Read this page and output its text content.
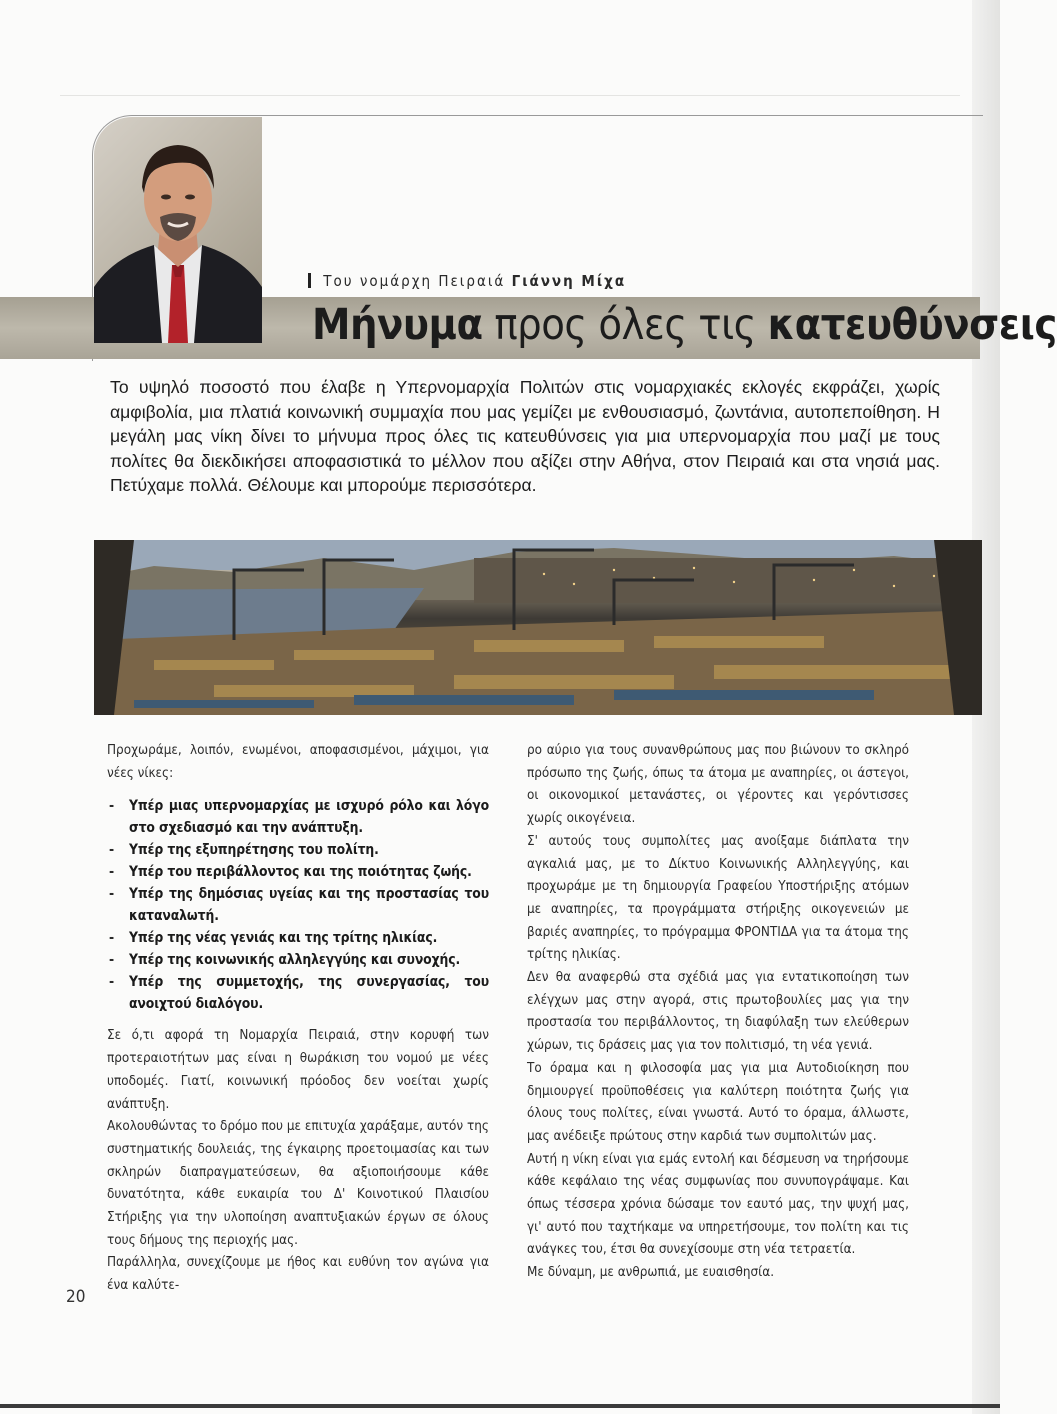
Του νομάρχη Πειραιά Γιάννη Μίχα
Μήνυμα προς όλες τις κατευθύνσεις
Το υψηλό ποσοστό που έλαβε η Υπερνομαρχία Πολιτών στις νομαρχιακές εκλογές εκφράζει, χωρίς αμφιβολία, μια πλατιά κοινωνική συμμαχία που μας γεμίζει με ενθουσιασμό, ζωντάνια, αυτοπεποίθηση. Η μεγάλη μας νίκη δίνει το μήνυμα προς όλες τις κατευθύνσεις για μια υπερνομαρχία που μαζί με τους πολίτες θα διεκδικήσει αποφασιστικά το μέλλον που αξίζει στην Αθήνα, στον Πειραιά και στα νησιά μας. Πετύχαμε πολλά. Θέλουμε και μπορούμε περισσότερα.

Προχωράμε, λοιπόν, ενωμένοι, αποφασισμένοι, μάχιμοι, για νέες νίκες:

- Υπέρ μιας υπερνομαρχίας με ισχυρό ρόλο και λόγο στο σχεδιασμό και την ανάπτυξη.
- Υπέρ της εξυπηρέτησης του πολίτη.
- Υπέρ του περιβάλλοντος και της ποιότητας ζωής.
- Υπέρ της δημόσιας υγείας και της προστασίας του καταναλωτή.
- Υπέρ της νέας γενιάς και της τρίτης ηλικίας.
- Υπέρ της κοινωνικής αλληλεγγύης και συνοχής.
- Υπέρ της συμμετοχής, της συνεργασίας, του ανοιχτού διαλόγου.

Σε ό,τι αφορά τη Νομαρχία Πειραιά, στην κορυφή των προτεραιοτήτων μας είναι η θωράκιση του νομού με νέες υποδομές. Γιατί, κοινωνική πρόοδος δεν νοείται χωρίς ανάπτυξη.

Ακολουθώντας το δρόμο που με επιτυχία χαράξαμε, αυτόν της συστηματικής δουλειάς, της έγκαιρης προετοιμασίας και των σκληρών διαπραγματεύσεων, θα αξιοποιήσουμε κάθε δυνατότητα, κάθε ευκαιρία του Δ' Κοινοτικού Πλαισίου Στήριξης για την υλοποίηση αναπτυξιακών έργων σε όλους τους δήμους της περιοχής μας.

Παράλληλα, συνεχίζουμε με ήθος και ευθύνη τον αγώνα για ένα καλύτε-

ρο αύριο για τους συνανθρώπους μας που βιώνουν το σκληρό πρόσωπο της ζωής, όπως τα άτομα με αναπηρίες, οι άστεγοι, οι οικονομικοί μετανάστες, οι γέροντες και γερόντισσες χωρίς οικογένεια.

Σ' αυτούς τους συμπολίτες μας ανοίξαμε διάπλατα την αγκαλιά μας, με το Δίκτυο Κοινωνικής Αλληλεγγύης, και προχωράμε με τη δημιουργία Γραφείου Υποστήριξης ατόμων με αναπηρίες, τα προγράμματα στήριξης οικογενειών με βαριές αναπηρίες, το πρόγραμμα ΦΡΟΝΤΙΔΑ για τα άτομα της τρίτης ηλικίας.

Δεν θα αναφερθώ στα σχέδιά μας για εντατικοποίηση των ελέγχων μας στην αγορά, στις πρωτοβουλίες μας για την προστασία του περιβάλλοντος, τη διαφύλαξη των ελεύθερων χώρων, τις δράσεις μας για τον πολιτισμό, τη νέα γενιά.

Το όραμα και η φιλοσοφία μας για μια Αυτοδιοίκηση που δημιουργεί προϋποθέσεις για καλύτερη ποιότητα ζωής για όλους τους πολίτες, είναι γνωστά. Αυτό το όραμα, άλλωστε, μας ανέδειξε πρώτους στην καρδιά των συμπολιτών μας.

Αυτή η νίκη είναι για εμάς εντολή και δέσμευση να τηρήσουμε κάθε κεφάλαιο της νέας συμφωνίας που συνυπογράψαμε. Και όπως τέσσερα χρόνια δώσαμε τον εαυτό μας, την ψυχή μας, γι' αυτό που ταχτήκαμε να υπηρετήσουμε, τον πολίτη και τις ανάγκες του, έτσι θα συνεχίσουμε στη νέα τετραετία.

Με δύναμη, με ανθρωπιά, με ευαισθησία.

20
